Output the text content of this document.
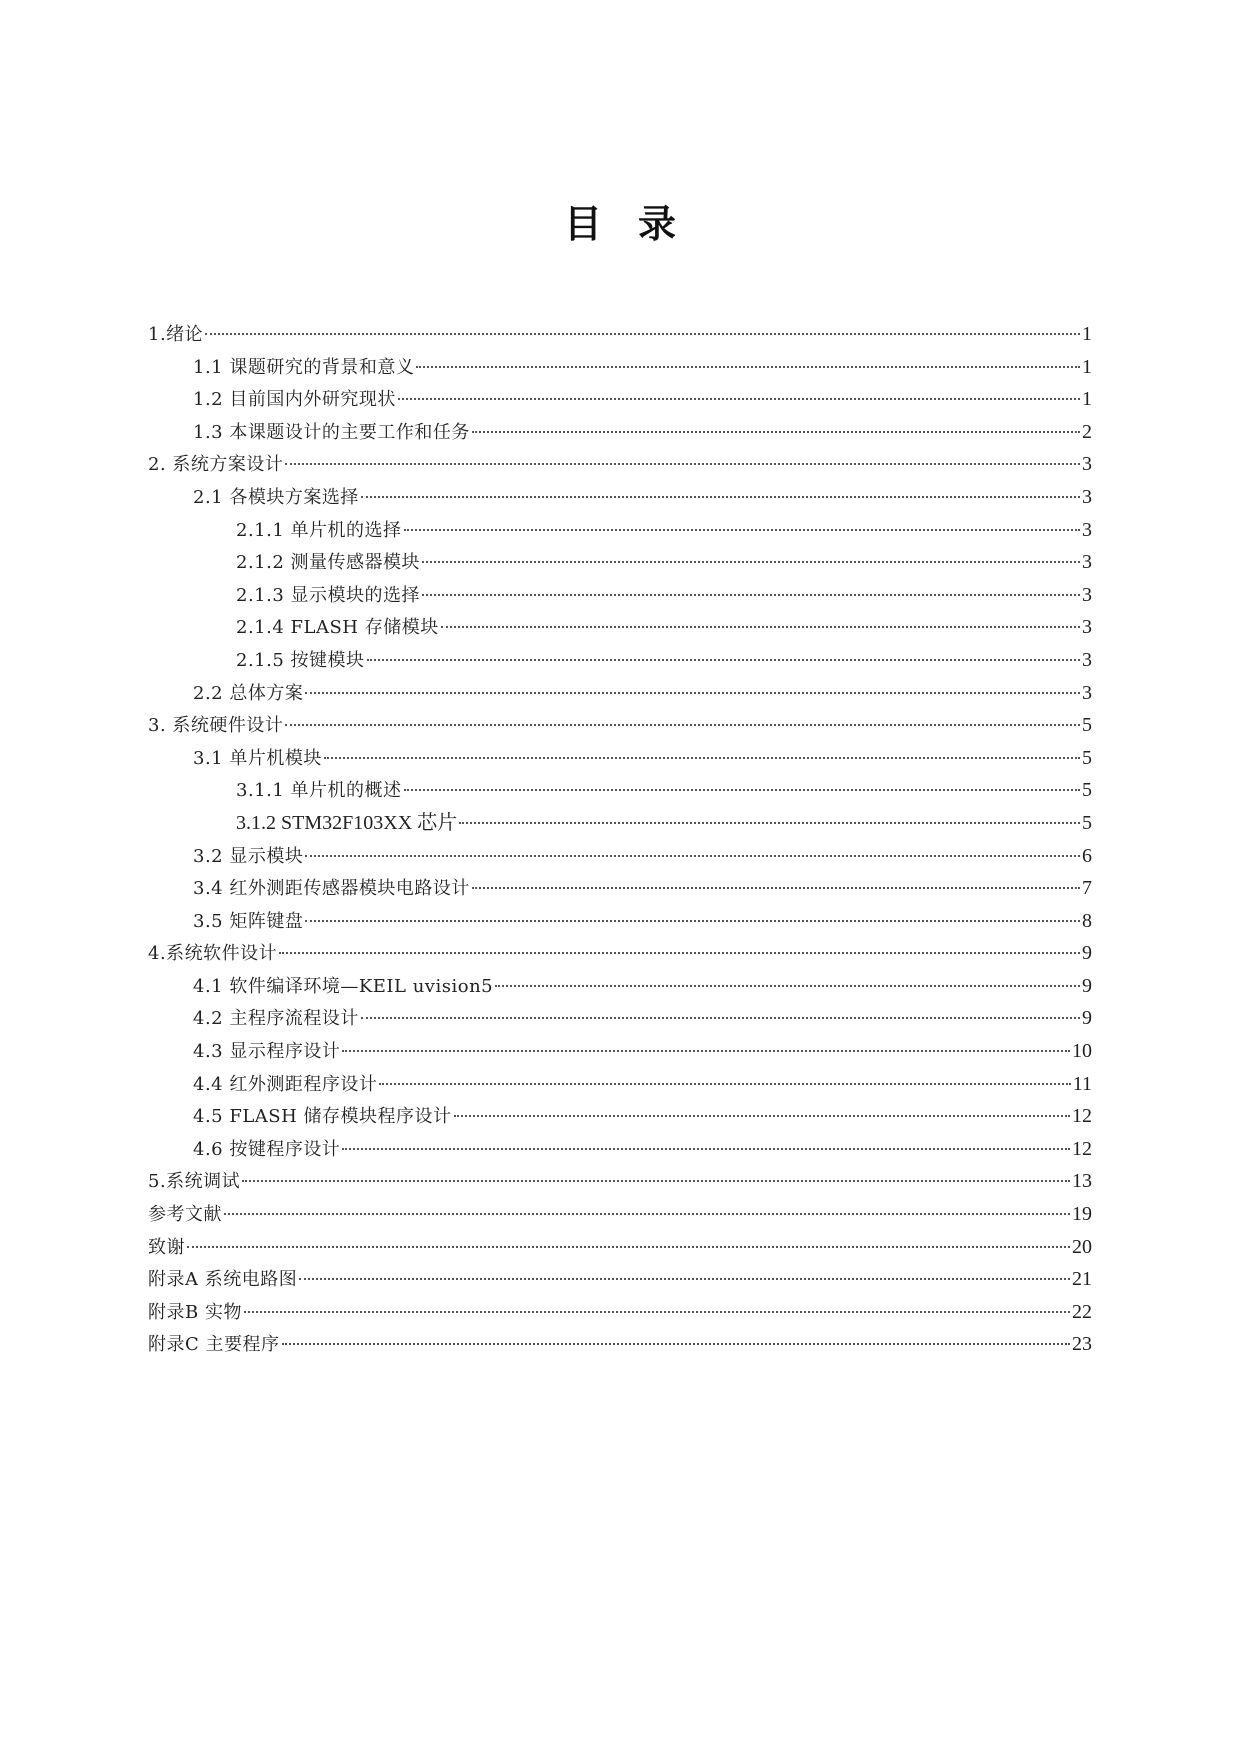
目录
1.绪论	1
1.1 课题研究的背景和意义	1
1.2 目前国内外研究现状	1
1.3 本课题设计的主要工作和任务	2
2. 系统方案设计	3
2.1 各模块方案选择	3
2.1.1 单片机的选择	3
2.1.2 测量传感器模块	3
2.1.3 显示模块的选择	3
2.1.4 FLASH 存储模块	3
2.1.5 按键模块	3
2.2 总体方案	3
3. 系统硬件设计	5
3.1 单片机模块	5
3.1.1 单片机的概述	5
3.1.2 STM32F103XX 芯片	5
3.2 显示模块	6
3.4 红外测距传感器模块电路设计	7
3.5 矩阵键盘	8
4.系统软件设计	9
4.1 软件编译环境—KEIL uvision5	9
4.2 主程序流程设计	9
4.3 显示程序设计	10
4.4 红外测距程序设计	11
4.5 FLASH 储存模块程序设计	12
4.6 按键程序设计	12
5.系统调试	13
参考文献	19
致谢	20
附录A 系统电路图	21
附录B 实物	22
附录C 主要程序	23
